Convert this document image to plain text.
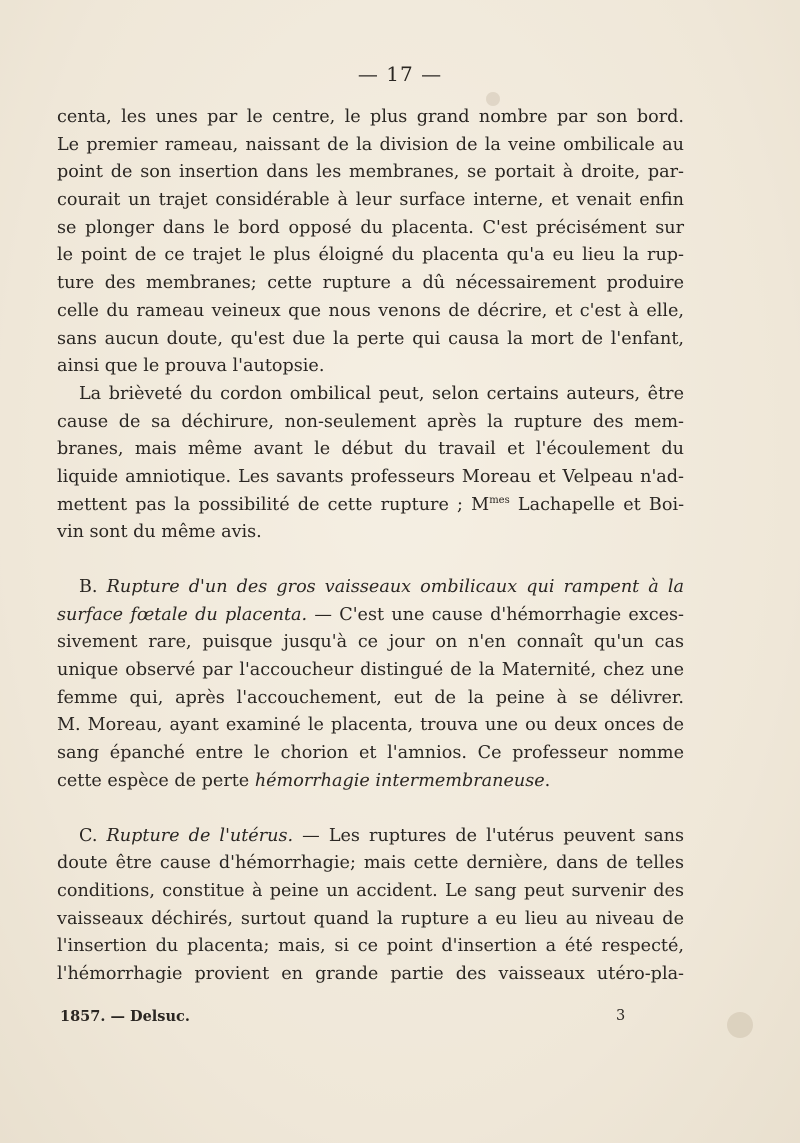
— 17 —
centa, les unes par le centre, le plus grand nombre par son bord.
Le premier rameau, naissant de la division de la veine ombilicale au
point de son insertion dans les membranes, se portait à droite, par-
courait un trajet considérable à leur surface interne, et venait enfin
se plonger dans le bord opposé du placenta. C'est précisément sur
le point de ce trajet le plus éloigné du placenta qu'a eu lieu la rup-
ture des membranes; cette rupture a dû nécessairement produire
celle du rameau veineux que nous venons de décrire, et c'est à elle,
sans aucun doute, qu'est due la perte qui causa la mort de l'enfant,
ainsi que le prouva l'autopsie.
La brièveté du cordon ombilical peut, selon certains auteurs, être
cause de sa déchirure, non-seulement après la rupture des mem-
branes, mais même avant le début du travail et l'écoulement du
liquide amniotique. Les savants professeurs Moreau et Velpeau n'ad-
mettent pas la possibilité de cette rupture ; $M^{mes}$ Lachapelle et Boi-
vin sont du même avis.
B. Rupture d'un des gros vaisseaux ombilicaux qui rampent à la
surface fœtale du placenta. — C'est une cause d'hémorrhagie exces-
sivement rare, puisque jusqu'à ce jour on n'en connaît qu'un cas
unique observé par l'accoucheur distingué de la Maternité, chez une
femme qui, après l'accouchement, eut de la peine à se délivrer.
M. Moreau, ayant examiné le placenta, trouva une ou deux onces de
sang épanché entre le chorion et l'amnios. Ce professeur nomme
cette espèce de perte hémorrhagie intermembraneuse.
C. Rupture de l'utérus. — Les ruptures de l'utérus peuvent sans
doute être cause d'hémorrhagie; mais cette dernière, dans de telles
conditions, constitue à peine un accident. Le sang peut survenir des
vaisseaux déchirés, surtout quand la rupture a eu lieu au niveau de
l'insertion du placenta; mais, si ce point d'insertion a été respecté,
l'hémorrhagie provient en grande partie des vaisseaux utéro-pla-
1857. — Delsuc.	3
